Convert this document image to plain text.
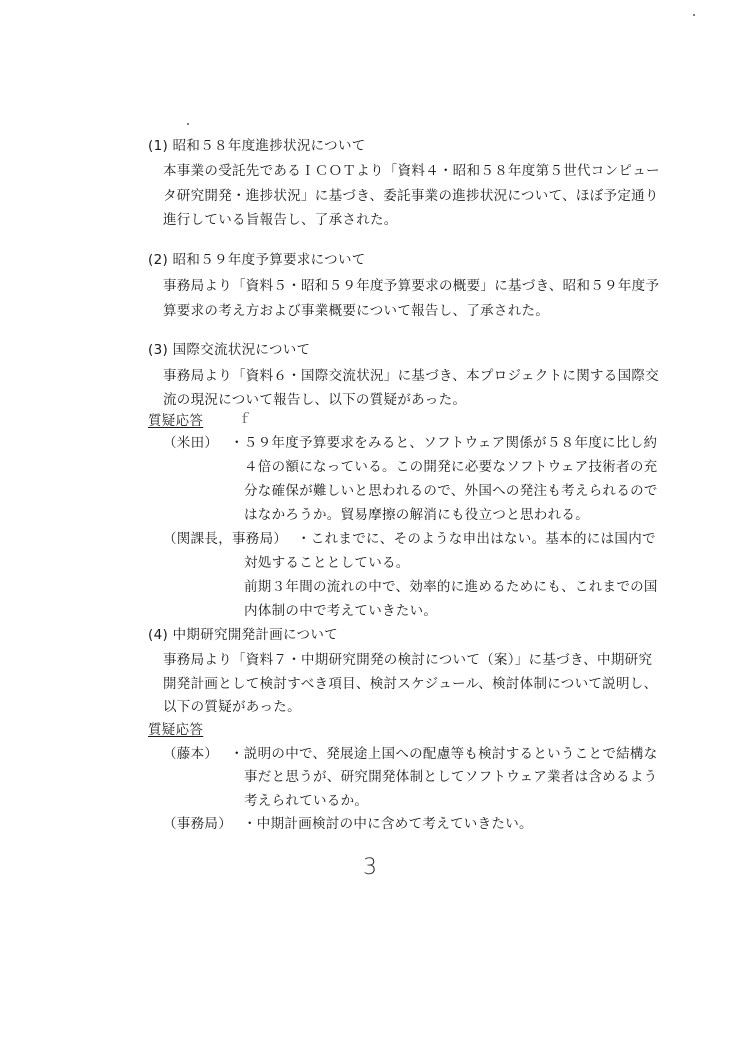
(1) 昭和５８年度進捗状況について
本事業の受託先であるＩＣＯＴより「資料４・昭和５８年度第５世代コンピュー
タ研究開発・進捗状況」に基づき、委託事業の進捗状況について、ほぼ予定通り
進行している旨報告し、了承された。
(2) 昭和５９年度予算要求について
事務局より「資料５・昭和５９年度予算要求の概要」に基づき、昭和５９年度予
算要求の考え方および事業概要について報告し、了承された。
(3) 国際交流状況について
事務局より「資料６・国際交流状況」に基づき、本プロジェクトに関する国際交
流の現況について報告し、以下の質疑があった。
質疑応答	ｆ
（米田） ・５９年度予算要求をみると、ソフトウェア関係が５８年度に比し約
４倍の額になっている。この開発に必要なソフトウェア技術者の充
分な確保が難しいと思われるので、外国への発注も考えられるので
はなかろうか。貿易摩擦の解消にも役立つと思われる。
（関課長，事務局） ・これまでに、そのような申出はない。基本的には国内で
対処することとしている。
前期３年間の流れの中で、効率的に進めるためにも、これまでの国
内体制の中で考えていきたい。
(4) 中期研究開発計画について
事務局より「資料７・中期研究開発の検討について（案）」に基づき、中期研究
開発計画として検討すべき項目、検討スケジュール、検討体制について説明し、
以下の質疑があった。
質疑応答
（藤本） ・説明の中で、発展途上国への配慮等も検討するということで結構な
事だと思うが、研究開発体制としてソフトウェア業者は含めるよう
考えられているか。
（事務局） ・中期計画検討の中に含めて考えていきたい。
3
